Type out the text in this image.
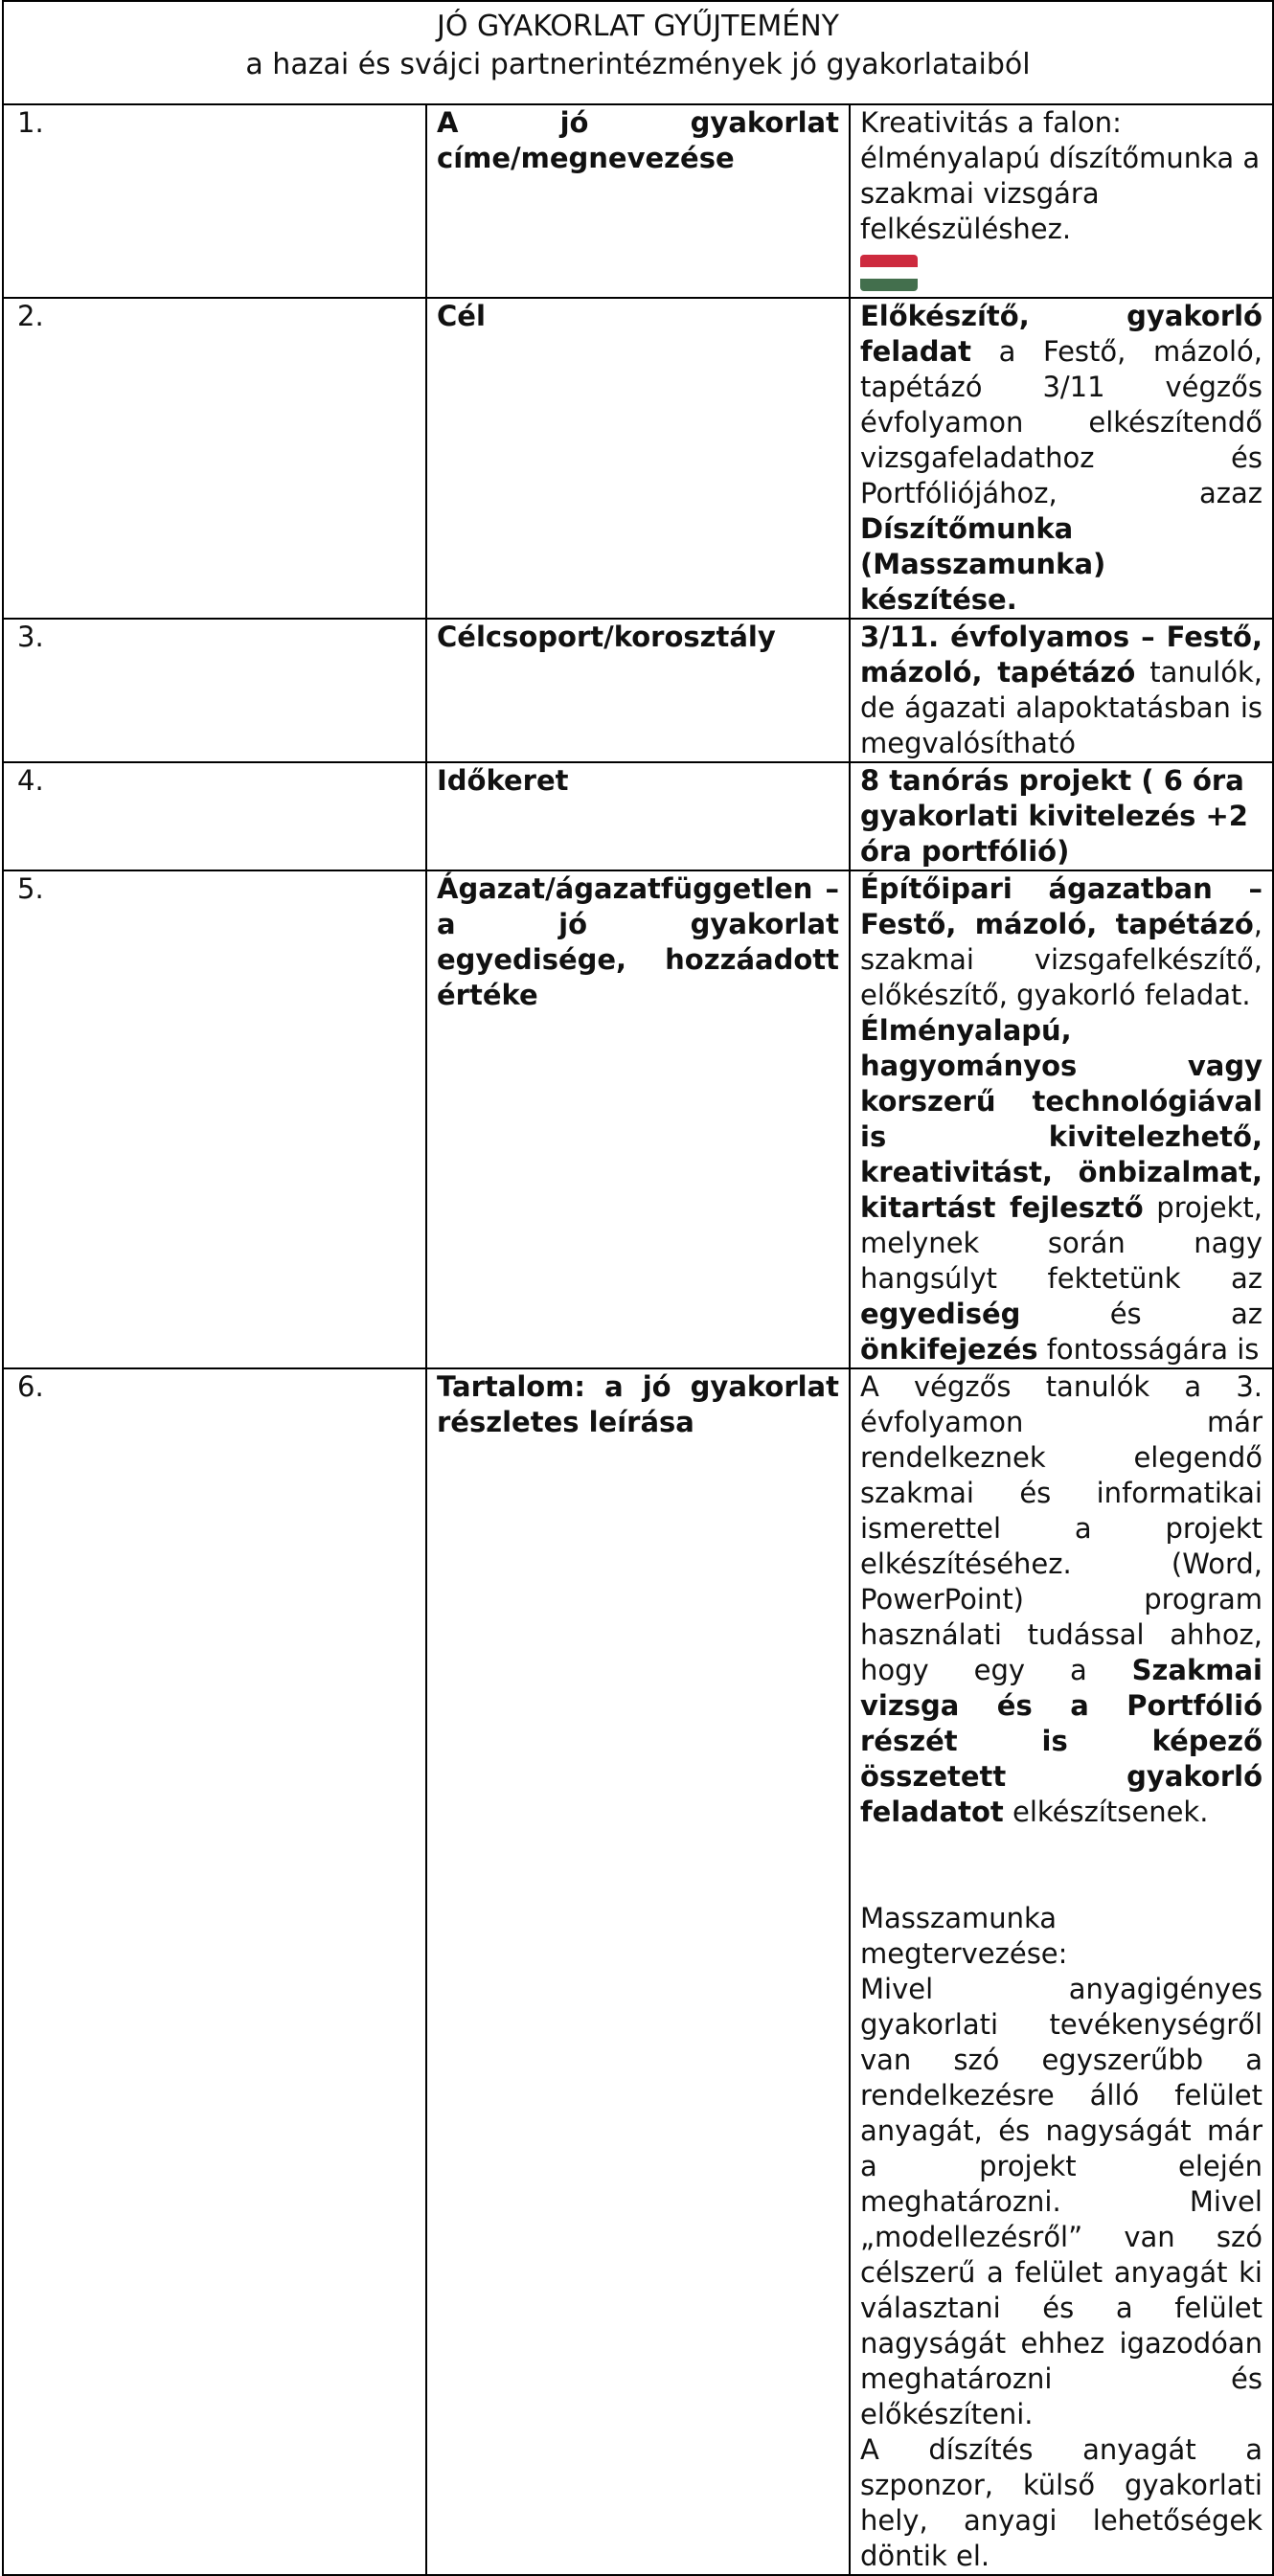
JÓ GYAKORLAT GYŰJTEMÉNY
a hazai és svájci partnerintézmények jó gyakorlataiból		

1.	A jó gyakorlat címe/megnevezése	Kreativitás a falon: élményalapú díszítőmunka a szakmai vizsgára felkészüléshez.

2.	Cél	Előkészítő, gyakorló feladat a Festő, mázoló, tapétázó 3/11 végzős évfolyamon elkészítendő vizsgafeladathoz és Portfóliójához, azaz Díszítőmunka (Masszamunka) készítése.
3.	Célcsoport/korosztály	3/11. évfolyamos – Festő, mázoló, tapétázó tanulók, de ágazati alapoktatásban is megvalósítható
4.	Időkeret	8 tanórás projekt ( 6 óra gyakorlati kivitelezés +2 óra portfólió)
5.	Ágazat/ágazatfüggetlen – a jó gyakorlat egyedisége, hozzáadott értéke	Építőipari ágazatban – Festő, mázoló, tapétázó, szakmai vizsgafelkészítő, előkészítő, gyakorló feladat.
Élményalapú, hagyományos vagy korszerű technológiával is kivitelezhető, kreativitást, önbizalmat, kitartást fejlesztő projekt, melynek során nagy hangsúlyt fektetünk az egyediség és az önkifejezés fontosságára is
6.	Tartalom: a jó gyakorlat részletes leírása	A végzős tanulók a 3. évfolyamon már rendelkeznek elegendő szakmai és informatikai ismerettel a projekt elkészítéséhez. (Word, PowerPoint) program használati tudással ahhoz, hogy egy a Szakmai vizsga és a Portfólió részét is képező összetett gyakorló feladatot elkészítsenek.

Masszamunka megtervezése:

Mivel anyagigényes gyakorlati tevékenységről van szó egyszerűbb a rendelkezésre álló felület anyagát, és nagyságát már a projekt elején meghatározni. Mivel „modellezésről” van szó célszerű a felület anyagát ki választani és a felület nagyságát ehhez igazodóan meghatározni és előkészíteni.

A díszítés anyagát a szponzor, külső gyakorlati hely, anyagi lehetőségek döntik el.
